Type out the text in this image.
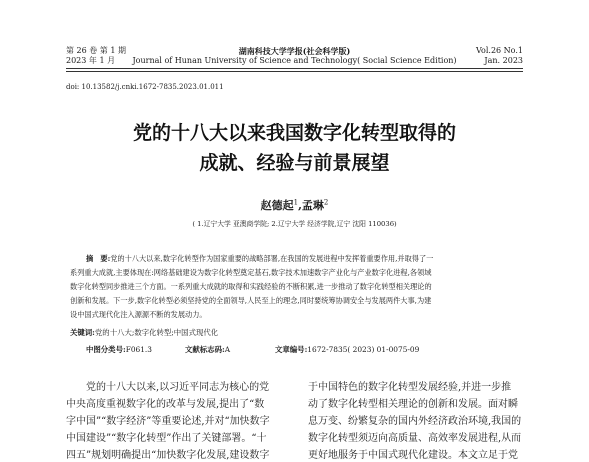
第 26 卷 第 1 期
2023 年 1 月
湖南科技大学学报(社会科学版)
Journal of Hunan University of Science and Technology( Social Science Edition)
Vol.26 No.1
Jan. 2023
doi: 10.13582/j.cnki.1672-7835.2023.01.011
党的十八大以来我国数字化转型取得的
成就、经验与前景展望
赵德起$^1$,孟琳$^2$
( 1.辽宁大学 亚澳商学院; 2.辽宁大学 经济学院,辽宁 沈阳 110036)
摘　要:党的十八大以来,数字化转型作为国家重要的战略部署,在我国的发展进程中发挥着重要作用,并取得了一
系列重大成就,主要体现在:网络基础建设为数字化转型奠定基石,数字技术加速数字产业化与产业数字化进程,各领域
数字化转型同步推进三个方面。一系列重大成就的取得和实践经验的不断积累,进一步推动了数字化转型相关理论的
创新和发展。下一步,数字化转型必须坚持党的全面领导,人民至上的理念,同时要统筹协调安全与发展两件大事,为建
设中国式现代化注入源源不断的发展动力。
关键词:党的十八大;数字化转型;中国式现代化
中图分类号:F061.3	文献标志码:A	文章编号:1672-7835( 2023) 01-0075-09
　　党的十八大以来,以习近平同志为核心的党
中央高度重视数字化的改革与发展,提出了“数
字中国”“数字经济”等重要论述,并对“加快数字
中国建设”“数字化转型”作出了关键部署。“十
四五”规划明确提出“加快数字化发展,建设数字
于中国特色的数字化转型发展经验,并进一步推
动了数字化转型相关理论的创新和发展。面对瞬
息万变、纷繁复杂的国内外经济政治环境,我国的
数字化转型须迈向高质量、高效率发展进程,从而
更好地服务于中国式现代化建设。本文立足于党
